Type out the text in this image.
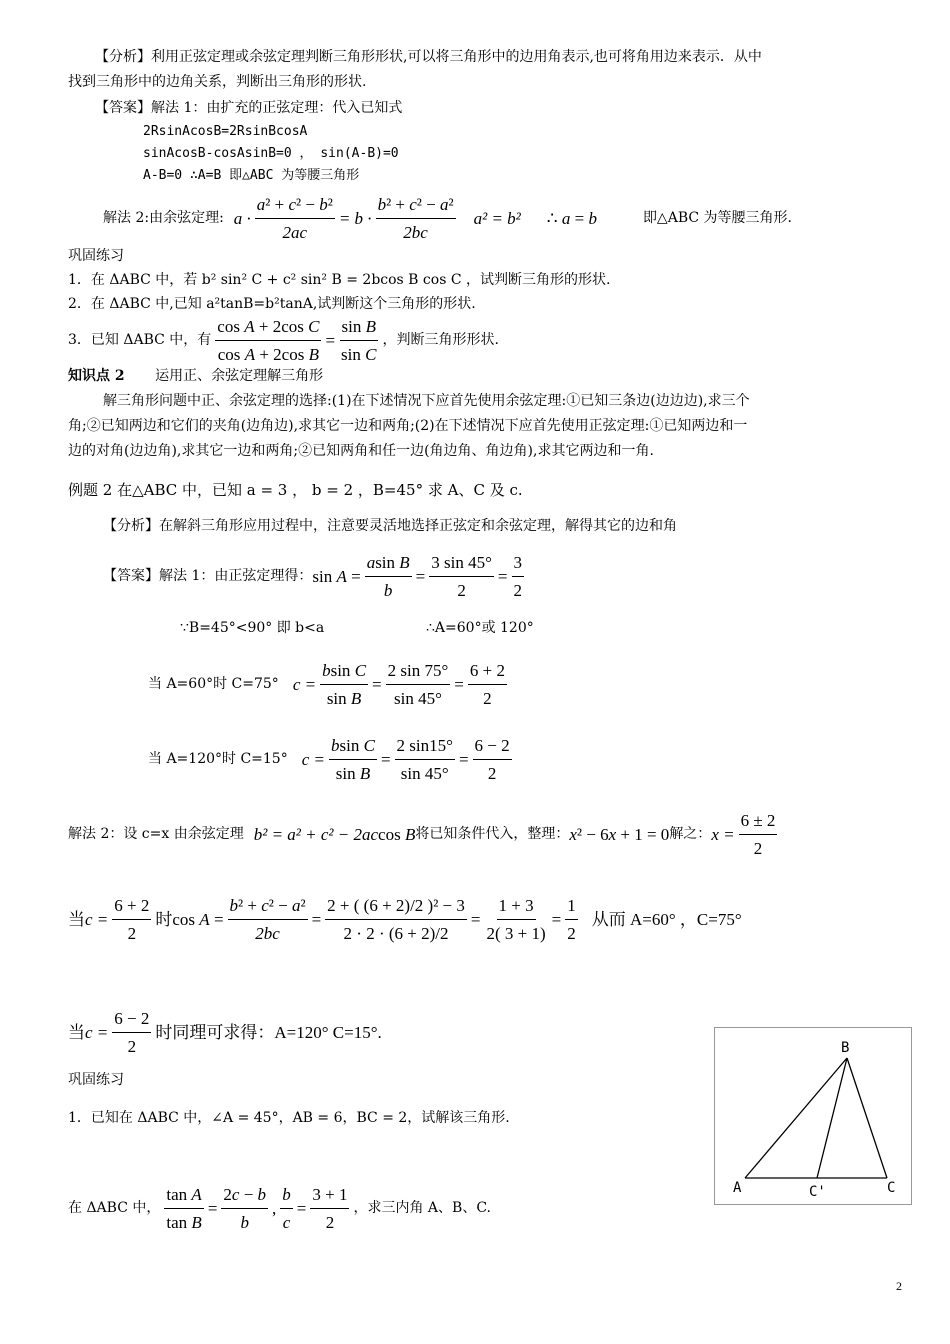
【分析】利用正弦定理或余弦定理判断三角形形状,可以将三角形中的边用角表示,也可将角用边来表示．从中
找到三角形中的边角关系，判断出三角形的形状.
【答案】解法 1：由扩充的正弦定理：代入已知式
2RsinAcosB=2RsinBcosA
sinAcosB-cosAsinB=0 ， sin(A-B)=0
A-B=0 ∴A=B 即△ABC 为等腰三角形
解法 2:由余弦定理: $a \cdot \frac{\text{a² + c² − b²}}{2ac} = b \cdot \frac{\text{b² + c² − a²}}{2bc} a^2 = b^2$ ∴ a = b	即△ABC 为等腰三角形.
巩固练习
1．在 ΔABC 中，若 b² sin² C + c² sin² B = 2bcos B cos C ，试判断三角形的形状.
2．在 ΔABC 中,已知 a²tanB=b²tanA,试判断这个三角形的形状.
3．已知 ΔABC 中，有 $\frac{\text{cos A + 2cos C}}{\text{cos A + 2cos B}} = \frac{\text{sin B}}{\text{sin C}}$ ，判断三角形形状.
知识点 2 运用正、余弦定理解三角形
解三角形问题中正、余弦定理的选择:(1)在下述情况下应首先使用余弦定理:①已知三条边(边边边),求三个
角;②已知两边和它们的夹角(边角边),求其它一边和两角;(2)在下述情况下应首先使用正弦定理:①已知两边和一
边的对角(边边角),求其它一边和两角;②已知两角和任一边(角边角、角边角),求其它两边和一角.
例题 2 在△ABC 中，已知 a = 3 ， b = 2 ，B=45° 求 A、C 及 c.
【分析】在解斜三角形应用过程中，注意要灵活地选择正弦定和余弦定理，解得其它的边和角
【答案】解法 1：由正弦定理得： $\sin A = \frac{\text{asin B}}{b} = \frac{3 \sin 45^\circ}{2} = \frac{3}{2}$
∵B=45°<90° 即 b<a	∴A=60°或 120°
当 A=60°时 C=75° $c = \frac{\text{bsin C}}{\text{sin B}} = \frac{2 \sin 75^\circ}{\sin 45^\circ} = \frac{6 + 2}{2}$
当 A=120°时 C=15° $c = \frac{\text{bsin C}}{\text{sin B}} = \frac{2 \sin 15^\circ}{\sin 45^\circ} = \frac{6 - 2}{2}$
解法 2：设 c=x 由余弦定理 b² = a² + c² − 2ac cos B 将已知条件代入，整理： x² − 6x + 1 = 0 解之： $x = \frac{6 \pm 2}{2}$
当 $c = \frac{6 + 2}{2}$ 时 $\cos A = \frac{\text{b² + c² − a²}}{2bc} = \frac{\text{2 + ( (6 + 2)/2 )² − 3}}{2 \cdot 2 \cdot (6 + 2)/2} = \frac{1 + 3}{2( 3 + 1)} = \frac{1}{2}$ 从而 A=60° ，C=75°
当 $c = \frac{6 - 2}{2}$ 时同理可求得：A=120° C=15°.
巩固练习
1．已知在 ΔABC 中，∠A = 45°，AB = 6，BC = 2，试解该三角形.
在 ΔABC 中， $\frac{\text{tan A}}{\text{tan B}} = \frac{2c - b}{b}$ , $\frac{b}{c} = \frac{3 + 1}{2}$ ，求三内角 A、B、C.
B
A	C'	C
2
